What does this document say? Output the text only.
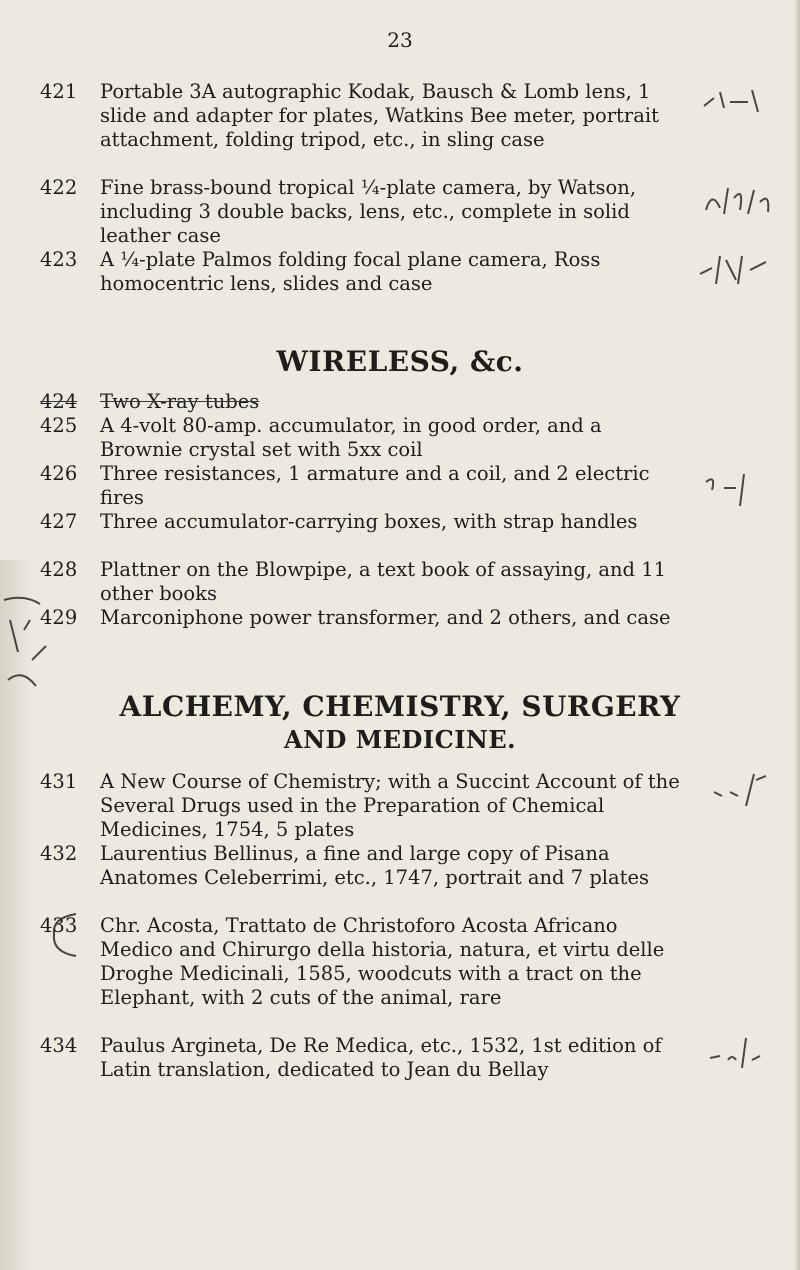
23
421	Portable 3A autographic Kodak, Bausch & Lomb lens, 1 slide and adapter for plates, Watkins Bee meter, portrait attachment, folding tripod, etc., in sling case
422	Fine brass-bound tropical ¼-plate camera, by Watson, including 3 double backs, lens, etc., complete in solid leather case
423	A ¼-plate Palmos folding focal plane camera, Ross homocentric lens, slides and case
WIRELESS, &c.
424	Two X-ray tubes
425	A 4-volt 80-amp. accumulator, in good order, and a Brownie crystal set with 5xx coil
426	Three resistances, 1 armature and a coil, and 2 electric fires
427	Three accumulator-carrying boxes, with strap handles
428	Plattner on the Blowpipe, a text book of assaying, and 11 other books
429	Marconiphone power transformer, and 2 others, and case
ALCHEMY, CHEMISTRY, SURGERY
AND MEDICINE.
431	A New Course of Chemistry; with a Succint Account of the Several Drugs used in the Preparation of Chemical Medicines, 1754, 5 plates
432	Laurentius Bellinus, a fine and large copy of Pisana Anatomes Celeberrimi, etc., 1747, portrait and 7 plates
433	Chr. Acosta, Trattato de Christoforo Acosta Africano Medico and Chirurgo della historia, natura, et virtu delle Droghe Medicinali, 1585, woodcuts with a tract on the Elephant, with 2 cuts of the animal, rare
434	Paulus Argineta, De Re Medica, etc., 1532, 1st edition of Latin translation, dedicated to Jean du Bellay
